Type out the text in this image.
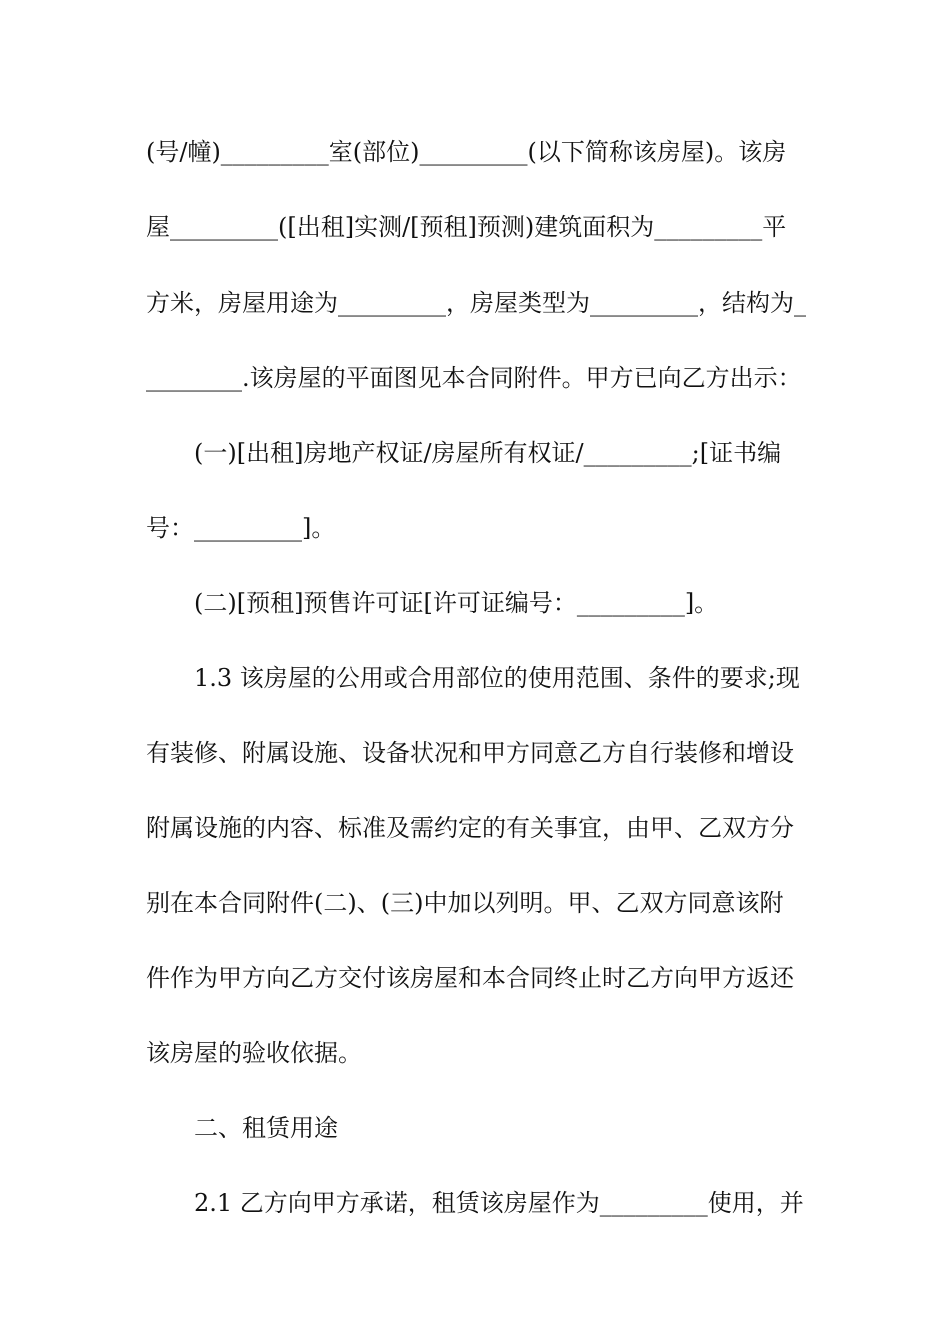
(号/幢)_________室(部位)_________(以下简称该房屋)。该房
屋_________([出租]实测/[预租]预测)建筑面积为_________平
方米，房屋用途为_________，房屋类型为_________，结构为_
________.该房屋的平面图见本合同附件。甲方已向乙方出示：
(一)[出租]房地产权证/房屋所有权证/_________;[证书编
号：_________]。
(二)[预租]预售许可证[许可证编号：_________]。
1.3 该房屋的公用或合用部位的使用范围、条件的要求;现
有装修、附属设施、设备状况和甲方同意乙方自行装修和增设
附属设施的内容、标准及需约定的有关事宜，由甲、乙双方分
别在本合同附件(二)、(三)中加以列明。甲、乙双方同意该附
件作为甲方向乙方交付该房屋和本合同终止时乙方向甲方返还
该房屋的验收依据。
二、租赁用途
2.1 乙方向甲方承诺，租赁该房屋作为_________使用，并
